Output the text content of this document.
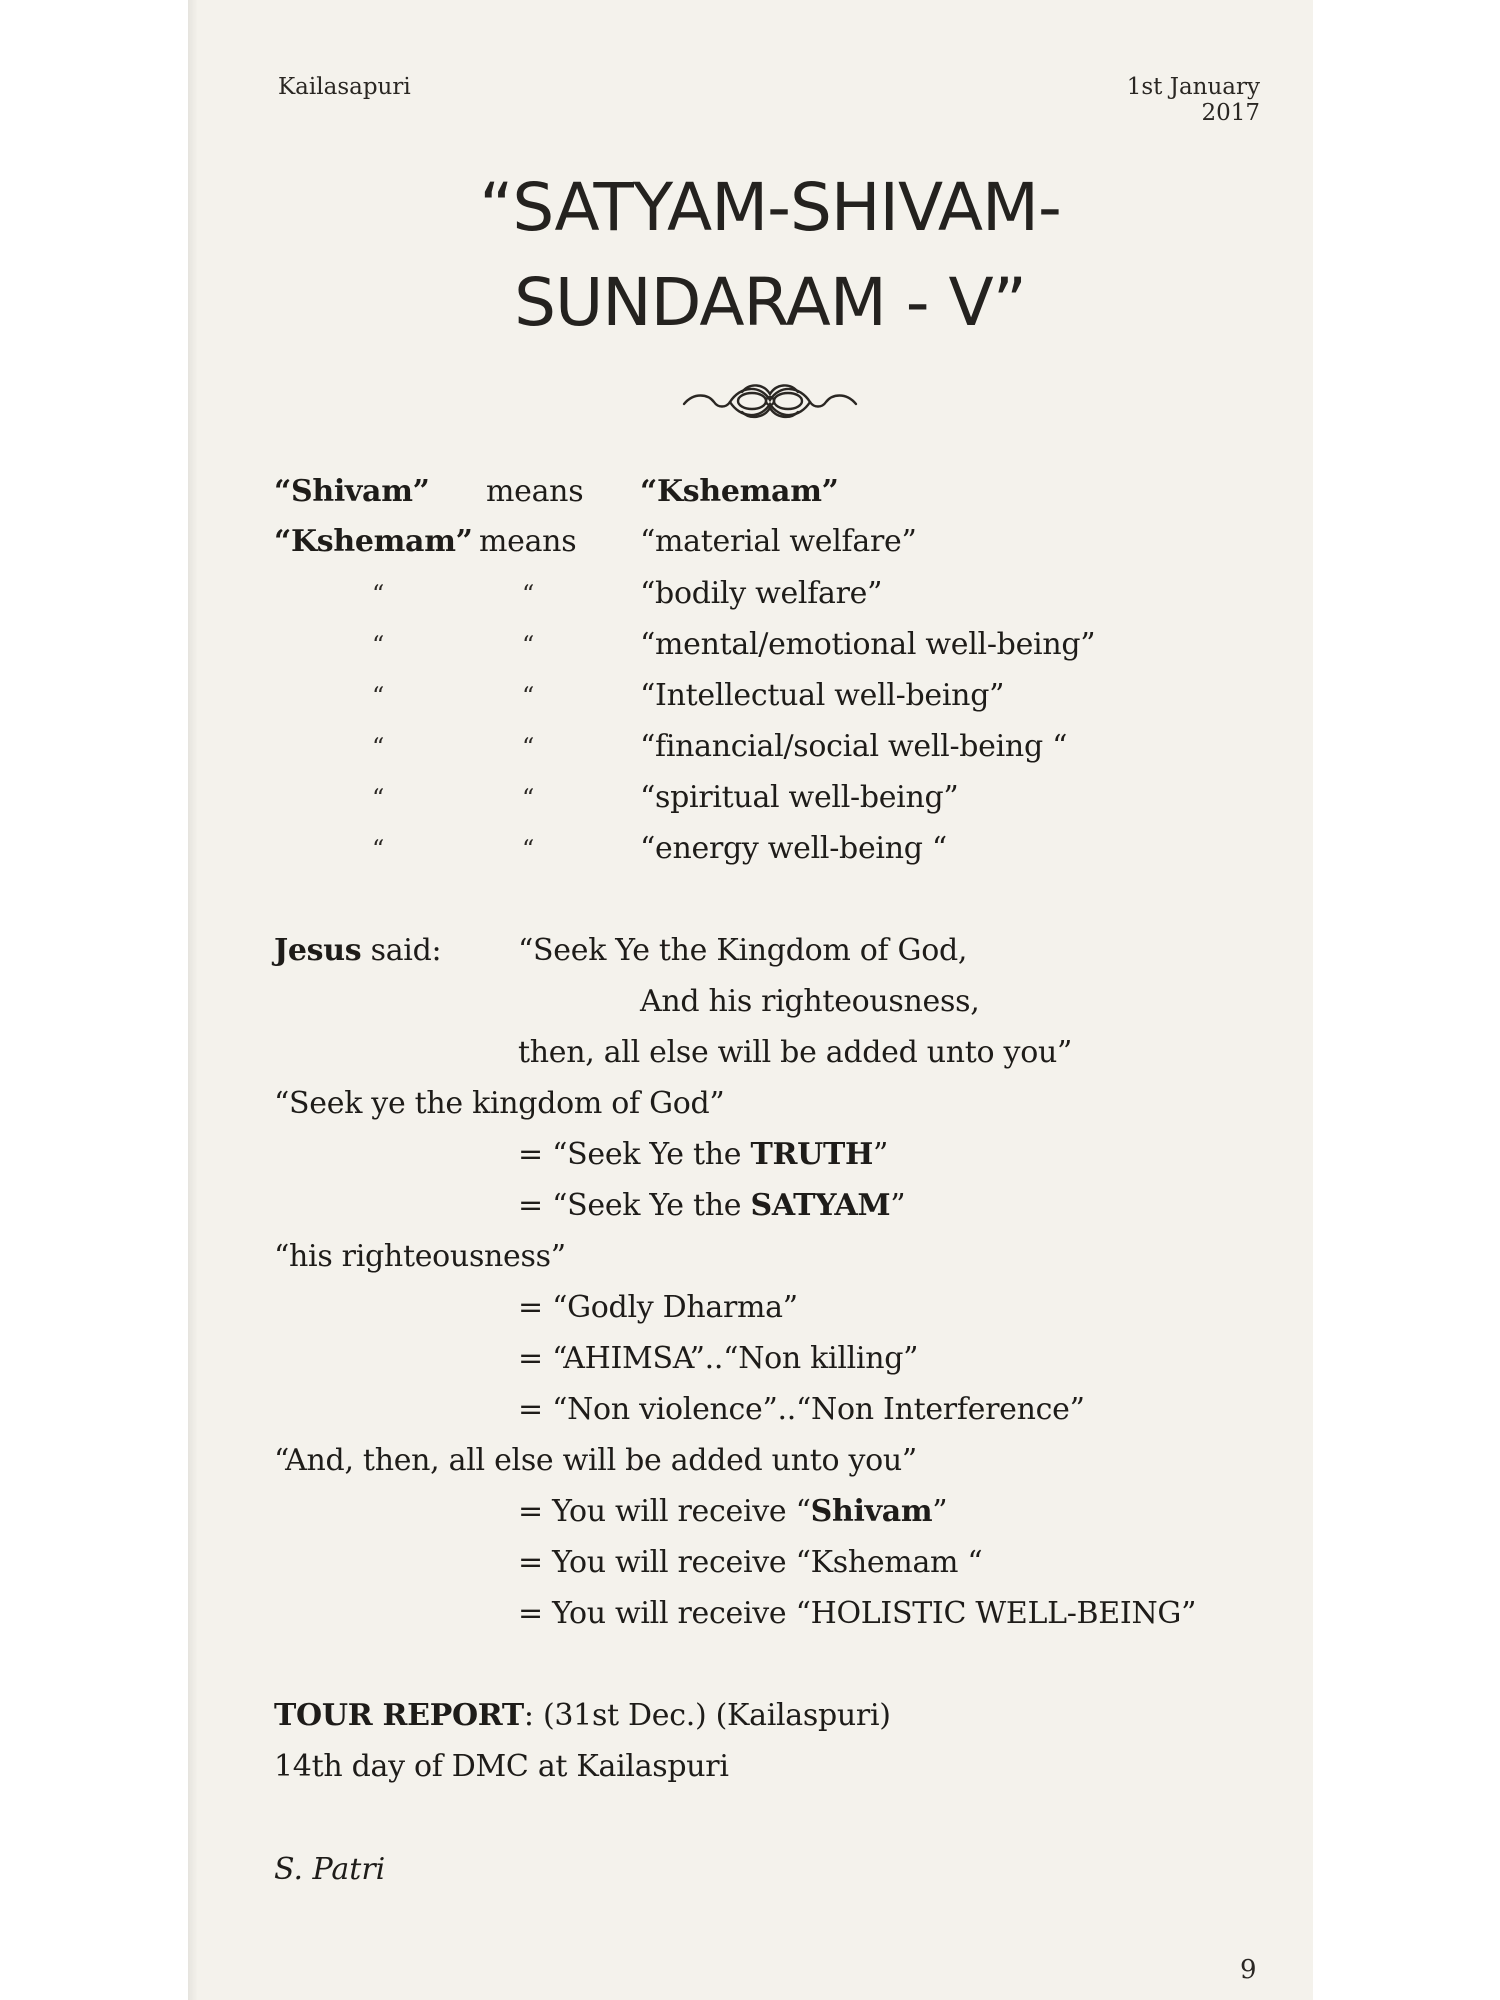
Kailasapuri	1st January 2017
“SATYAM-SHIVAM-
SUNDARAM - V”
“Shivam” means “Kshemam”
“Kshemam” means “material welfare”
“	“	“bodily welfare”
“	“	“mental/emotional well-being”
“	“	“Intellectual well-being”
“	“	“financial/social well-being “
“	“	“spiritual well-being”
“	“	“energy well-being “
Jesus said:	“Seek Ye the Kingdom of God,
And his righteousness,
then, all else will be added unto you”
“Seek ye the kingdom of God”
= “Seek Ye the TRUTH”
= “Seek Ye the SATYAM”
“his righteousness”
= “Godly Dharma”
= “AHIMSA”..“Non killing”
= “Non violence”..“Non Interference”
“And, then, all else will be added unto you”
= You will receive “Shivam”
= You will receive “Kshemam “
= You will receive “HOLISTIC WELL-BEING”
TOUR REPORT: (31st Dec.) (Kailaspuri)
14th day of DMC at Kailaspuri
S. Patri
9
